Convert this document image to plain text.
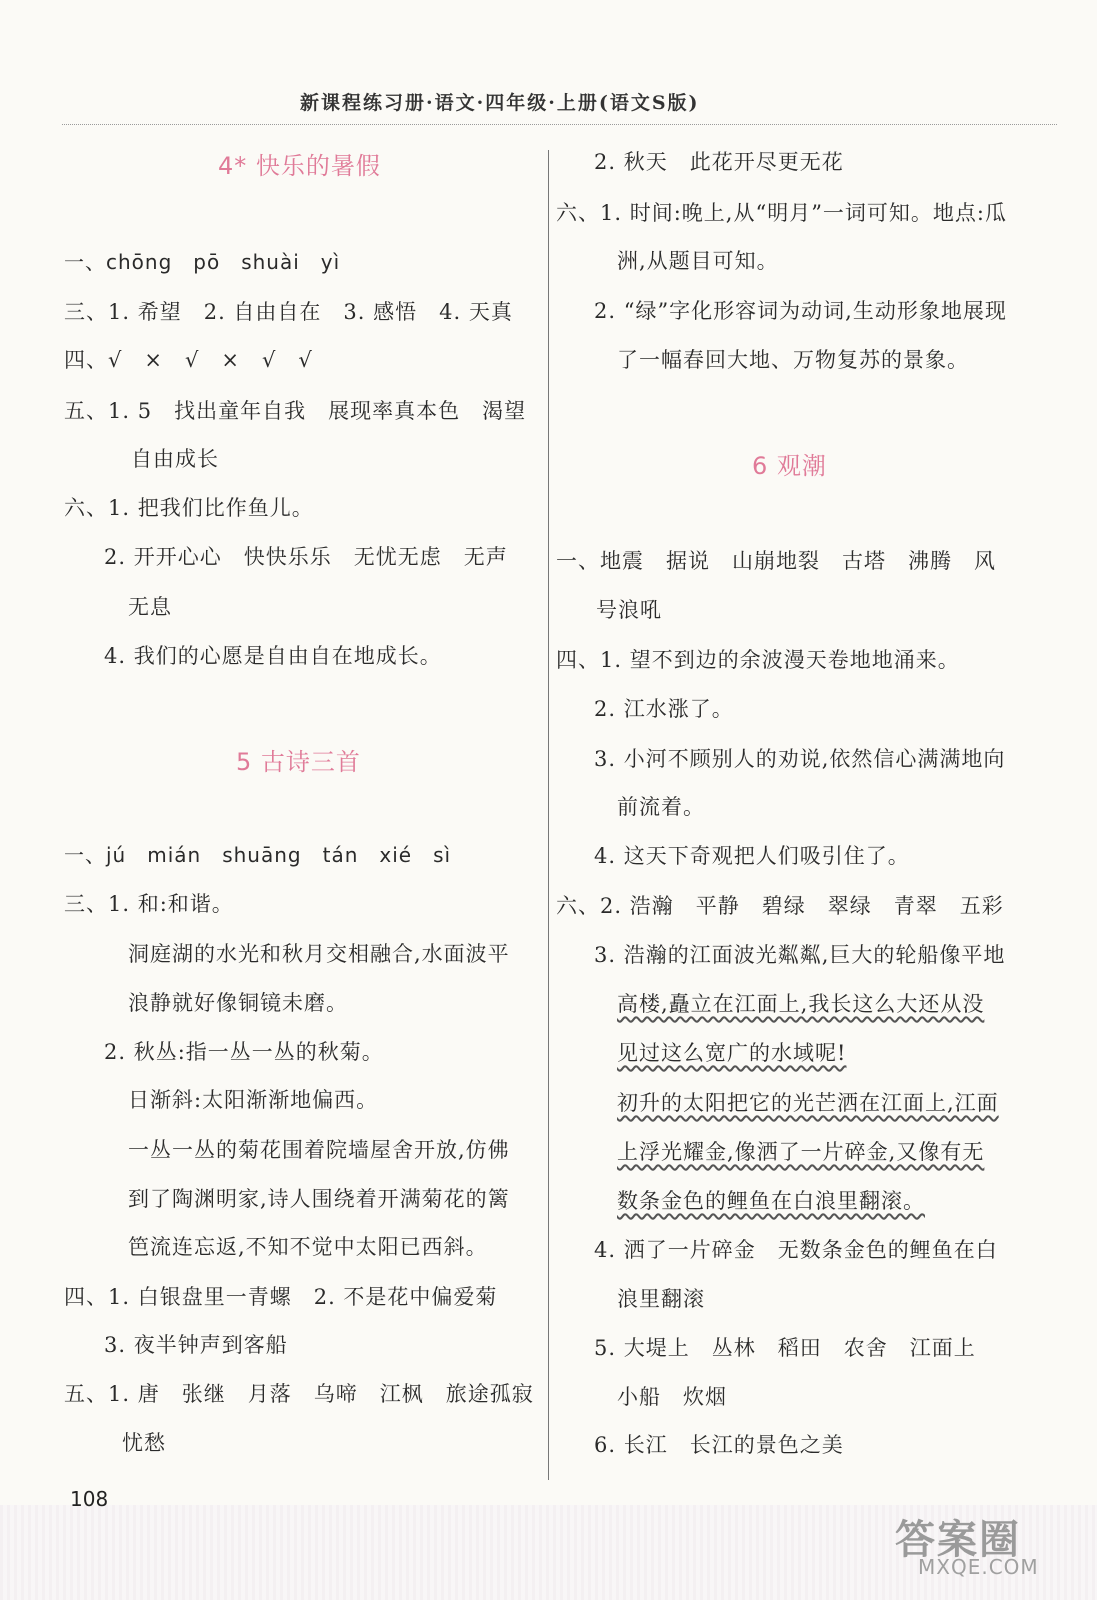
新课程练习册·语文·四年级·上册(语文S版)
4* 快乐的暑假
一、chōng　pō　shuài　yì
三、1. 希望　2. 自由自在　3. 感悟　4. 天真
四、√　×　√　×　√　√
五、1. 5　找出童年自我　展现率真本色　渴望
自由成长
六、1. 把我们比作鱼儿。
2. 开开心心　快快乐乐　无忧无虑　无声
无息
4. 我们的心愿是自由自在地成长。
5 古诗三首
一、jú　mián　shuāng　tán　xié　sì
三、1. 和:和谐。
洞庭湖的水光和秋月交相融合,水面波平
浪静就好像铜镜未磨。
2. 秋丛:指一丛一丛的秋菊。
日渐斜:太阳渐渐地偏西。
一丛一丛的菊花围着院墙屋舍开放,仿佛
到了陶渊明家,诗人围绕着开满菊花的篱
笆流连忘返,不知不觉中太阳已西斜。
四、1. 白银盘里一青螺　2. 不是花中偏爱菊
3. 夜半钟声到客船
五、1. 唐　张继　月落　乌啼　江枫　旅途孤寂
忧愁
2. 秋天　此花开尽更无花
六、1. 时间:晚上,从“明月”一词可知。地点:瓜
洲,从题目可知。
2. “绿”字化形容词为动词,生动形象地展现
了一幅春回大地、万物复苏的景象。
6 观潮
一、地震　据说　山崩地裂　古塔　沸腾　风
号浪吼
四、1. 望不到边的余波漫天卷地地涌来。
2. 江水涨了。
3. 小河不顾别人的劝说,依然信心满满地向
前流着。
4. 这天下奇观把人们吸引住了。
六、2. 浩瀚　平静　碧绿　翠绿　青翠　五彩
3. 浩瀚的江面波光粼粼,巨大的轮船像平地
高楼,矗立在江面上,我长这么大还从没
见过这么宽广的水域呢!
初升的太阳把它的光芒洒在江面上,江面
上浮光耀金,像洒了一片碎金,又像有无
数条金色的鲤鱼在白浪里翻滚。
4. 洒了一片碎金　无数条金色的鲤鱼在白
浪里翻滚
5. 大堤上　丛林　稻田　农舍　江面上
小船　炊烟
6. 长江　长江的景色之美
108
答案圈
MXQE.COM
